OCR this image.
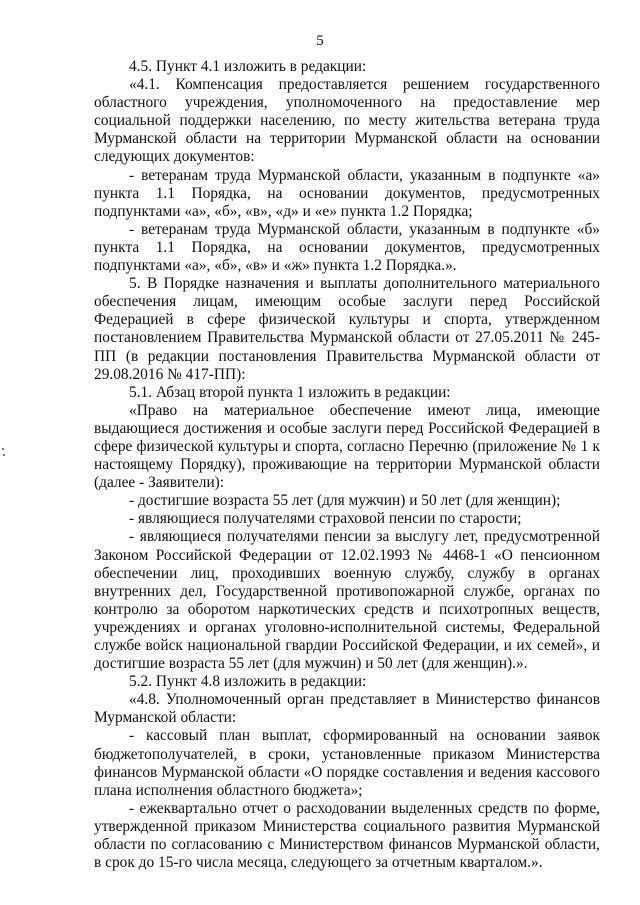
5

4.5. Пункт 4.1 изложить в редакции:

«4.1. Компенсация предоставляется решением государственного областного учреждения, уполномоченного на предоставление мер социальной поддержки населению, по месту жительства ветерана труда Мурманской области на территории Мурманской области на основании следующих документов:

- ветеранам труда Мурманской области, указанным в подпункте «а» пункта 1.1 Порядка, на основании документов, предусмотренных подпунктами «а», «б», «в», «д» и «е» пункта 1.2 Порядка;

- ветеранам труда Мурманской области, указанным в подпункте «б» пункта 1.1 Порядка, на основании документов, предусмотренных подпунктами «а», «б», «в» и «ж» пункта 1.2 Порядка.».

5. В Порядке назначения и выплаты дополнительного материального обеспечения лицам, имеющим особые заслуги перед Российской Федерацией в сфере физической культуры и спорта, утвержденном постановлением Правительства Мурманской области от 27.05.2011 № 245-ПП (в редакции постановления Правительства Мурманской области от 29.08.2016 № 417-ПП):

5.1. Абзац второй пункта 1 изложить в редакции:

«Право на материальное обеспечение имеют лица, имеющие выдающиеся достижения и особые заслуги перед Российской Федерацией в сфере физической культуры и спорта, согласно Перечню (приложение № 1 к настоящему Порядку), проживающие на территории Мурманской области (далее - Заявители):

- достигшие возраста 55 лет (для мужчин) и 50 лет (для женщин);

- являющиеся получателями страховой пенсии по старости;

- являющиеся получателями пенсии за выслугу лет, предусмотренной Законом Российской Федерации от 12.02.1993 № 4468-1 «О пенсионном обеспечении лиц, проходивших военную службу, службу в органах внутренних дел, Государственной противопожарной службе, органах по контролю за оборотом наркотических средств и психотропных веществ, учреждениях и органах уголовно-исполнительной системы, Федеральной службе войск национальной гвардии Российской Федерации, и их семей», и достигшие возраста 55 лет (для мужчин) и 50 лет (для женщин).».

5.2. Пункт 4.8 изложить в редакции:

«4.8. Уполномоченный орган представляет в Министерство финансов Мурманской области:

- кассовый план выплат, сформированный на основании заявок бюджетополучателей, в сроки, установленные приказом Министерства финансов Мурманской области «О порядке составления и ведения кассового плана исполнения областного бюджета»;

- ежеквартально отчет о расходовании выделенных средств по форме, утвержденной приказом Министерства социального развития Мурманской области по согласованию с Министерством финансов Мурманской области, в срок до 15-го числа месяца, следующего за отчетным кварталом.».
